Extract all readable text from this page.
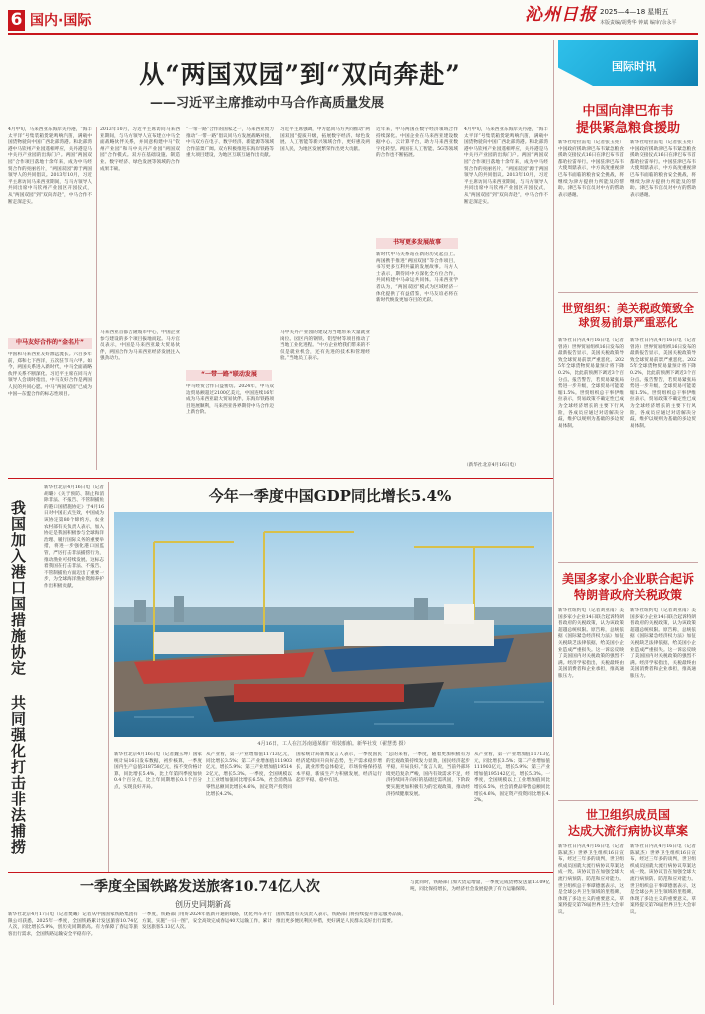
6 国内·国际	沁州日报 2025—4—18 星期五
本版责编/胡秀华 钟斌 编审/余永平
从“两国双园”到“双向奔赴”
——习近平主席推动中马合作高质量发展
4月中旬，马来西亚东海岸关丹港，“海丰太平洋”号集装箱货轮鸣响汽笛，满载中国货物驶向中国广西北部湾港。和北部湾港中马钦州产业园遥相呼应，关丹港是马中关丹产业园的出海门户。两国“两国双园”合作项目落地十余年来，成为中马经贸合作的亮丽名片，“两国双园”源于两国领导人的共同倡议。2013年10月，习近平主席访问马来西亚期间，与马方领导人共同出席中马钦州产业园区开园仪式，从“两国双园”到“双向奔赴”，中马合作不断走深走实。
中马友好合作的“金名片”
中国和马来西亚友好源远流长。六百多年前，郑和七下西洋，五次驻节马六甲。如今，两国关系进入新时代，中马全面战略伙伴关系不断深化。习近平主席在同马方领导人会谈时指出，中马友好合作是两国人民的共同心愿。中马“两国双园”已成为中国—东盟合作的标志性项目。
2013年10月，习近平主席访问马来西亚期间，与马方领导人宣布建立中马全面战略伙伴关系，并同意构建中马“钦州产业园”和马中关丹产业园“两国双园”合作模式。双方在基础设施、制造业、数字经济、绿色发展等领域的合作成果丰硕。
马来西亚首都吉隆坡市中心，中国企业参与建设的多个项目拔地而起。马方官员表示，中国是马来西亚最大贸易伙伴，两国合作为马来西亚经济发展注入强劲动力。
“一带一路”合作的国家之一，马来西亚致力推动“一带一路”倡议同马方发展战略对接，中马双方在电子、数字经济、新能源等领域合作前景广阔。双方积极推进东海岸铁路等重大项目建设，为地区互联互通作出贡献。
“一带一路”联动发展
中马经贸合作日益密切。2024年，中马双边贸易额超过2100亿美元，中国连续16年成为马来西亚最大贸易伙伴。东海岸铁路项目进展顺利，马来西亚各界期待中马合作迈上新台阶。
习近平主席强调，中方愿同马方共同推动“两国双园”提质升级，拓展数字经济、绿色发展、人工智能等新兴领域合作，更好惠及两国人民，为地区发展繁荣作出更大贡献。
马中关丹产业园的建设为当地带来大量就业岗位。园区内的钢铁、铝型材等项目推动了当地工业化进程。“中方企业给我们带来的不仅是就业机会，还有先进的技术和管理经验。”当地员工表示。
近年来，中马两国在数字经济领域合作持续深化。中国企业在马来西亚建设数据中心、云计算平台，助力马来西亚数字化转型。两国在人工智能、5G等领域的合作也不断拓展。
书写更多发展故事
新时代中马关系站在新的历史起点上。两国携手推进“两国双园”等合作项目，书写更多互利共赢的发展故事。马方人士表示，期待同中方深化全方位合作，共同构建中马命运共同体。马来西亚学者认为，“两国双园”模式为区域经济一体化提供了有益借鉴，中马友谊必将在新时代焕发更加夺目的光彩。
4月中旬，马来西亚东海岸关丹港，“海丰太平洋”号集装箱货轮鸣响汽笛，满载中国货物驶向中国广西北部湾港。和北部湾港中马钦州产业园遥相呼应，关丹港是马中关丹产业园的出海门户。两国“两国双园”合作项目落地十余年来，成为中马经贸合作的亮丽名片，“两国双园”源于两国领导人的共同倡议。2013年10月，习近平主席访问马来西亚期间，与马方领导人共同出席中马钦州产业园区开园仪式，从“两国双园”到“双向奔赴”，中马合作不断走深走实。
（新华社北京4月16日电）
国际时讯
中国向津巴布韦
提供紧急粮食援助
新华社哈拉雷电（记者张玉亮）中国政府援助津巴布韦紧急粮食援助交接仪式16日在津巴布韦首都哈拉雷举行。中国驻津巴布韦大使周鼎表示，中方高度重视津巴布韦面临的粮食安全挑战，将继续为津方提供力所能及的帮助。津巴布韦官员对中方的帮助表示感谢。
新华社哈拉雷电（记者张玉亮）中国政府援助津巴布韦紧急粮食援助交接仪式16日在津巴布韦首都哈拉雷举行。中国驻津巴布韦大使周鼎表示，中方高度重视津巴布韦面临的粮食安全挑战，将继续为津方提供力所能及的帮助。津巴布韦官员对中方的帮助表示感谢。
世贸组织：美关税政策致全球贸易前景严重恶化
新华社日内瓦4月16日电（记者曾涛）世界贸易组织16日发布的最新报告显示，美国关税政策导致全球贸易前景严重恶化。2025年全球货物贸易量预计将下降0.2%，比此前预测下调近3个百分点。报告警告，若贸易紧张局势进一步升级，全球贸易可能萎缩1.5%。世贸组织总干事伊维拉表示，贸易政策不确定性已成为全球经济增长的主要下行风险，各成员应通过对话解决分歧，维护以规则为基础的多边贸易体制。
新华社日内瓦4月16日电（记者曾涛）世界贸易组织16日发布的最新报告显示，美国关税政策导致全球贸易前景严重恶化。2025年全球货物贸易量预计将下降0.2%，比此前预测下调近3个百分点。报告警告，若贸易紧张局势进一步升级，全球贸易可能萎缩1.5%。世贸组织总干事伊维拉表示，贸易政策不确定性已成为全球经济增长的主要下行风险，各成员应通过对话解决分歧，维护以规则为基础的多边贸易体制。
美国多家小企业联合起诉
特朗普政府关税政策
新华社纽约电（记者刘亚南）美国多家小企业14日联合起诉特朗普政府的关税政策，认为该政策超越总统权限。原告称，总统依据《国际紧急经济权力法》加征关税缺乏法律依据，给美国小企业造成严重损失。这一诉讼反映了美国国内对关税政策的强烈不满。经济学家指出，关税最终由美国消费者和企业承担，推高通胀压力。
新华社纽约电（记者刘亚南）美国多家小企业14日联合起诉特朗普政府的关税政策，认为该政策超越总统权限。原告称，总统依据《国际紧急经济权力法》加征关税缺乏法律依据，给美国小企业造成严重损失。这一诉讼反映了美国国内对关税政策的强烈不满。经济学家指出，关税最终由美国消费者和企业承担，推高通胀压力。
世卫组织成员国
达成大流行病协议草案
新华社日内瓦4月16日电（记者陈斌杰）世界卫生组织16日宣布，经过三年多的谈判，世卫组织成员国就大流行病协议草案达成一致。该协议旨在加强全球大流行病预防、防范和应对能力。世卫组织总干事谭德塞表示，这是全球公共卫生领域的里程碑，体现了多边主义的重要意义。草案将提交第78届世界卫生大会审议。
新华社日内瓦4月16日电（记者陈斌杰）世界卫生组织16日宣布，经过三年多的谈判，世卫组织成员国就大流行病协议草案达成一致。该协议旨在加强全球大流行病预防、防范和应对能力。世卫组织总干事谭德塞表示，这是全球公共卫生领域的里程碑，体现了多边主义的重要意义。草案将提交第78届世界卫生大会审议。
我国加入港口国措施协定 共同强化打击非法捕捞
新华社北京4月16日电（记者胡璐）《关于预防、制止和消除非法、不报告、不管制捕鱼的港口国措施协定》于4月16日对中国正式生效，中国成为该协定第80个缔约方。农业农村部有关负责人表示，加入协定是我国积极参与全球海洋治理、履行国际义务的重要举措，将进一步强化港口国监管，严厉打击非法捕捞行为，推动渔业可持续发展。这标志着我国在打击非法、不报告、不管制捕鱼方面迈出了重要一步，为全球海洋渔业资源养护作出积极贡献。
今年一季度中国GDP同比增长5.4%
4月16日，工人在江苏南通某船厂组装船舶。新华社发（翟慧勇 摄）
新华社北京4月16日电（记者魏玉坤）国家统计局16日发布数据，初步核算，一季度国内生产总值318758亿元，按不变价格计算，同比增长5.4%，比上年第四季度加快0.4个百分点，比上年同期增长0.1个百分点，实现良好开局。
从产业看，第一产业增加值11713亿元，同比增长3.5%；第二产业增加值111903亿元，增长5.9%；第三产业增加值195142亿元，增长5.3%。一季度，全国规模以上工业增加值同比增长6.5%，社会消费品零售总额同比增长4.6%，固定资产投资同比增长4.2%。
国家统计局新闻发言人表示，一季度国民经济延续回升向好态势，生产需求稳步增长，就业形势总体稳定，市场价格保持基本平稳，新质生产力积极发展，经济运行起步平稳、稳中有进。
“总的来看，一季度，随着更加积极有为的宏观政策持续发力显效，国民经济起步平稳，开局良好。”发言人说，当前外部环境更趋复杂严峻，国内有效需求不足，经济持续回升向好的基础还需巩固，下阶段要实施更加积极有为的宏观政策，推动经济持续健康发展。
从产业看，第一产业增加值11713亿元，同比增长3.5%；第二产业增加值111903亿元，增长5.9%；第三产业增加值195142亿元，增长5.3%。一季度，全国规模以上工业增加值同比增长6.5%，社会消费品零售总额同比增长4.6%，固定资产投资同比增长4.2%。
一季度全国铁路发送旅客10.74亿人次
创历史同期新高
新华社北京4月17日电（记者樊曦）记者从中国国家铁路集团有限公司获悉，2025年一季度，全国铁路累计发送旅客10.74亿人次，同比增长5.9%，创历史同期新高。有力保障了春运等旅客出行需求，全国铁路运输安全平稳有序。
一季度，铁路部门用好2024年底新开通的线路，优化列车开行方案，实施“一日一图”，安全高效完成春运40天运输工作，累计发送旅客5.13亿人次。
国铁集团有关负责人表示，铁路部门将持续提升客运服务品质，推出更多便民利民举措，更好满足人民群众美好出行需要。
与此同时，铁路部门加大货运增量，一季度完成货物发送量13.09亿吨，同比保持增长，为经济社会发展提供了有力运输保障。
